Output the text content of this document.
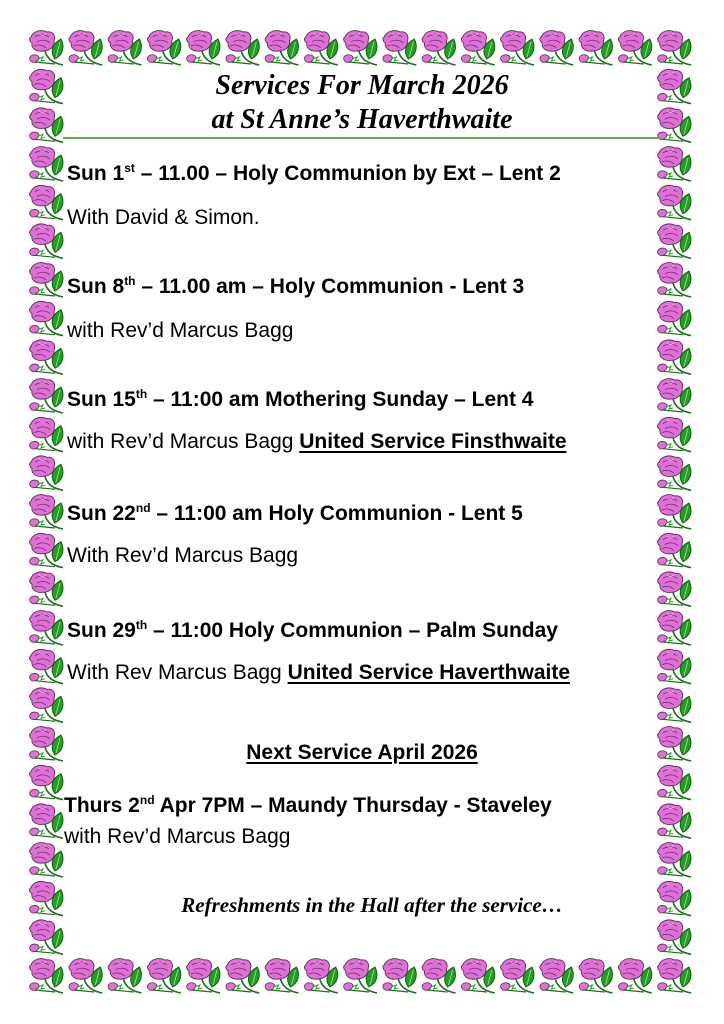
Services For March 2026
at St Anne’s Haverthwaite
Sun 1st – 11.00 – Holy Communion by Ext – Lent 2
With David & Simon.
Sun 8th – 11.00 am – Holy Communion - Lent 3
with Rev’d Marcus Bagg
Sun 15th – 11:00 am Mothering Sunday – Lent 4
with Rev’d Marcus Bagg United Service Finsthwaite
Sun 22nd – 11:00 am Holy Communion - Lent 5
With Rev’d Marcus Bagg
Sun 29th – 11:00 Holy Communion – Palm Sunday
With Rev Marcus Bagg United Service Haverthwaite
Next Service April 2026
Thurs 2nd Apr 7PM – Maundy Thursday - Staveley
with Rev’d Marcus Bagg
Refreshments in the Hall after the service…
